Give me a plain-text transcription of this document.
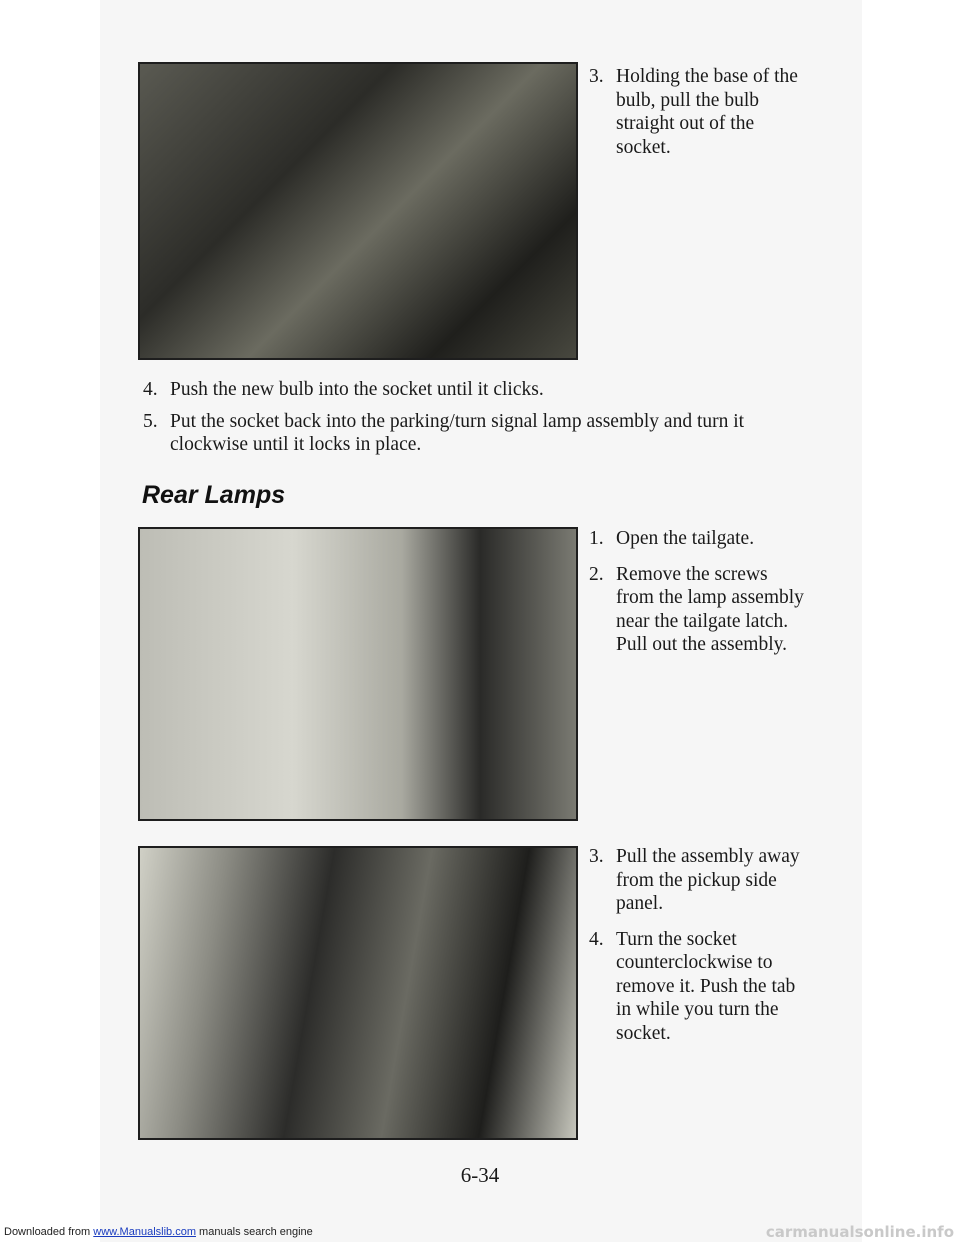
3. Holding the base of the bulb, pull the bulb straight out of the socket.
4. Push the new bulb into the socket until it clicks.
5. Put the socket back into the parking/turn signal lamp assembly and turn it clockwise until it locks in place.
Rear Lamps
1. Open the tailgate.
2. Remove the screws from the lamp assembly near the tailgate latch. Pull out the assembly.
3. Pull the assembly away from the pickup side panel.
4. Turn the socket counterclockwise to remove it. Push the tab in while you turn the socket.
6-34
Downloaded from www.Manualslib.com manuals search engine	carmanualsonline.info
